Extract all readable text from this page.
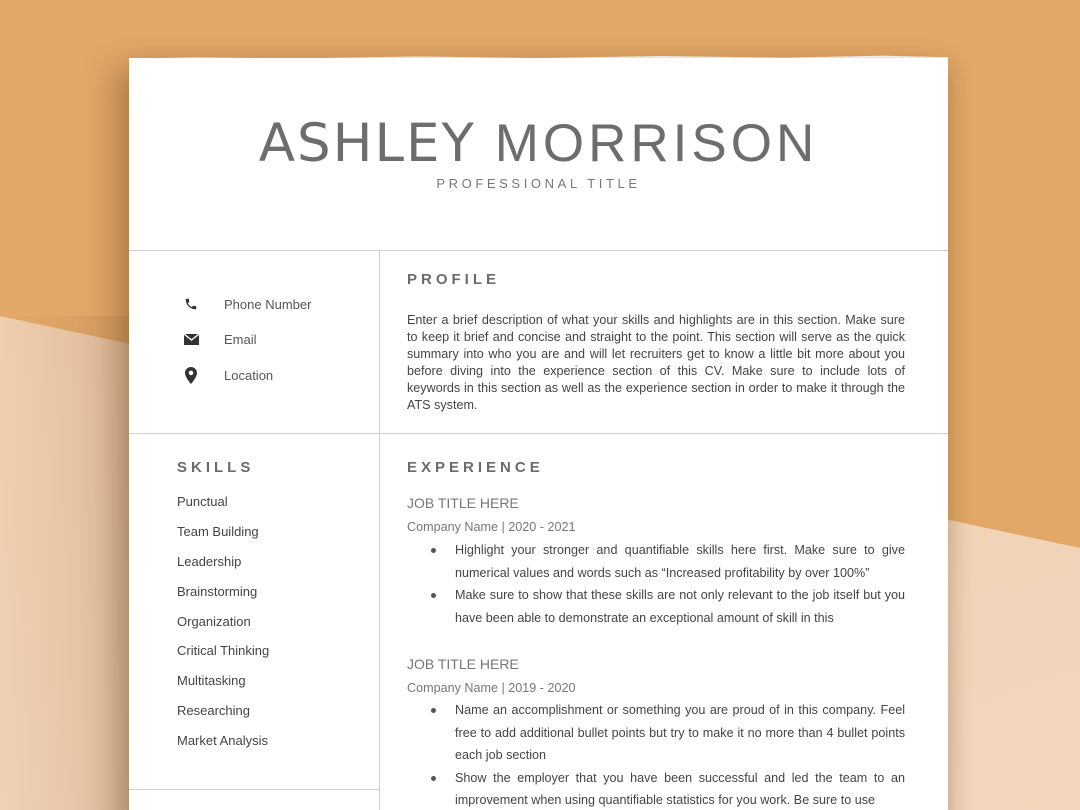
ASHLEY MORRISON
PROFESSIONAL TITLE
Phone Number
Email
Location
PROFILE
Enter a brief description of what your skills and highlights are in this section. Make sure to keep it brief and concise and straight to the point. This section will serve as the quick summary into who you are and will let recruiters get to know a little bit more about you before diving into the experience section of this CV. Make sure to include lots of keywords in this section as well as the experience section in order to make it through the ATS system.
SKILLS
Punctual
Team Building
Leadership
Brainstorming
Organization
Critical Thinking
Multitasking
Researching
Market Analysis
EXPERIENCE
JOB TITLE HERE
Company Name | 2020 - 2021
Highlight your stronger and quantifiable skills here first. Make sure to give numerical values and words such as “Increased profitability by over 100%”
Make sure to show that these skills are not only relevant to the job itself but you have been able to demonstrate an exceptional amount of skill in this
JOB TITLE HERE
Company Name | 2019 - 2020
Name an accomplishment or something you are proud of in this company. Feel free to add additional bullet points but try to make it no more than 4 bullet points each job section
Show the employer that you have been successful and led the team to an improvement when using quantifiable statistics for you work. Be sure to use
